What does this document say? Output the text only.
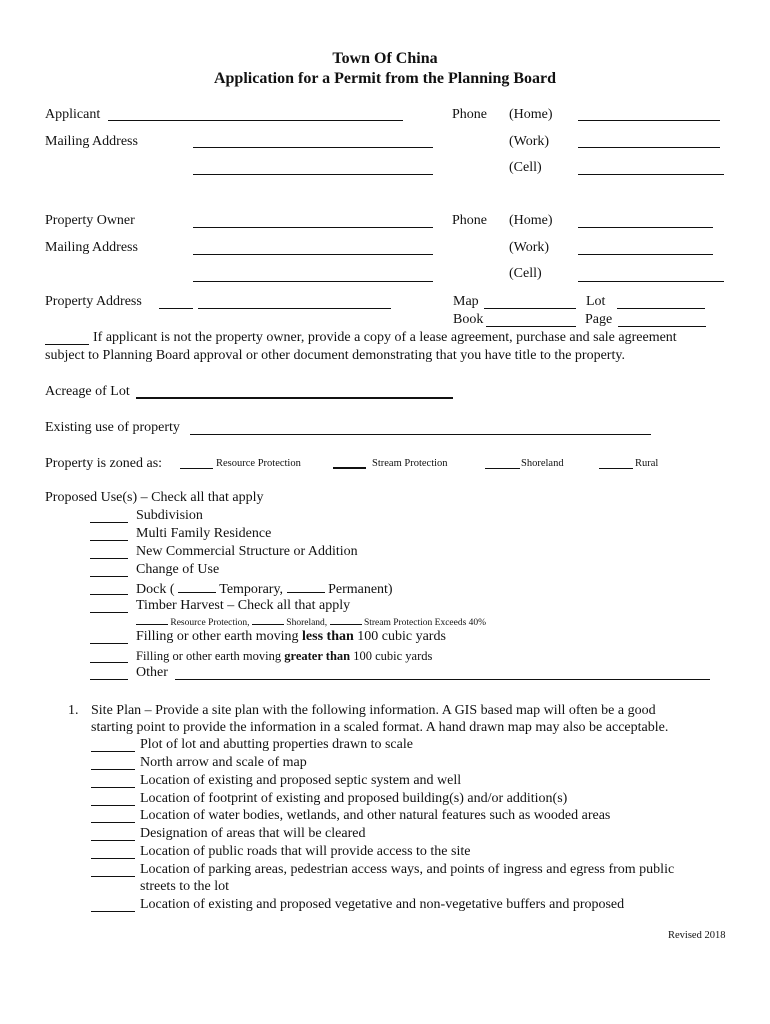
Town Of China
Application for a Permit from the Planning Board
Applicant	Phone (Home)
Mailing Address	(Work)
(Cell)
Property Owner	Phone (Home)
Mailing Address	(Work)
(Cell)
Property Address	Map	Lot
Book	Page
If applicant is not the property owner, provide a copy of a lease agreement, purchase and sale agreement
subject to Planning Board approval or other document demonstrating that you have title to the property.
Acreage of Lot
Existing use of property
Property is zoned as:	Resource Protection	Stream Protection	Shoreland	Rural
Proposed Use(s) – Check all that apply
Subdivision
Multi Family Residence
New Commercial Structure or Addition
Change of Use
Dock (	Temporary,	Permanent)
Timber Harvest – Check all that apply
Resource Protection,	Shoreland,	Stream Protection Exceeds 40%
Filling or other earth moving less than 100 cubic yards
Filling or other earth moving greater than 100 cubic yards
Other
1. Site Plan – Provide a site plan with the following information. A GIS based map will often be a good
starting point to provide the information in a scaled format. A hand drawn map may also be acceptable.
Plot of lot and abutting properties drawn to scale
North arrow and scale of map
Location of existing and proposed septic system and well
Location of footprint of existing and proposed building(s) and/or addition(s)
Location of water bodies, wetlands, and other natural features such as wooded areas
Designation of areas that will be cleared
Location of public roads that will provide access to the site
Location of parking areas, pedestrian access ways, and points of ingress and egress from public
streets to the lot
Location of existing and proposed vegetative and non-vegetative buffers and proposed
Revised 2018
